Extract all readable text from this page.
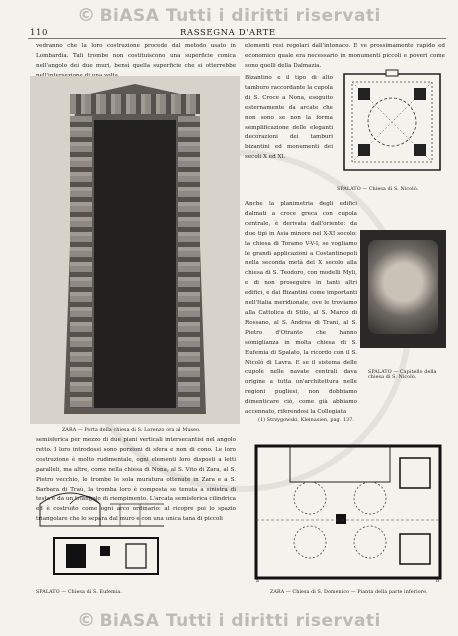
© BiASA Tutti i diritti riservati
110	RASSEGNA D'ARTE
vedranno che la loro costruzione procede dal metodo usato in Lombardia. Tali trombe non costituiscono una superficie conica nell'angolo dei due muri, bensì quella superficie che si otterrebbe
elementi resi regolari dall'intonaco. E ve prossimamente rapido ed economico quale era necessario in monumenti piccoli e poveri come sono quelli della Dalmazia.
ZARA — Porta della chiesa di S. Lorenzo ora al Museo.
SPALATO — Chiesa di S. Nicolò.
Bizantino e il tipo di alto tamburo raccordante la cupola di S. Croce a Nona, eseguito esternamente da arcate che non sono se non la forma semplificazione delle eleganti decorazioni dei tamburi bizantini ed monumenti dei secoli X ed XI.
Anche la planimetria degli edifici dalmati a croce greca con cupola centrale, è derivata dall'oriente: da due tipi in Asia minore nel X-XI secolo: la chiesa di Toramo V-V-I, se vogliamo le grandi applicazioni a Costantinopoli nella seconda metà del X secolo alla chiesa di S. Teodoro, con modelli Myli, e di non proseguire in tanti altri edifici, e dai Bizantini come importanti nell'Italia meridionale, ove le troviamo alla Cattolica di Stilo, al S. Marco di Rossano, al S. Andrea di Trani, al S. Pietro d'Otranto che hanno somiglianza in molta chiesa di S. Eufemia di Spalato, la ricordo con il S. Nicolò di Lavra. E se il sistema delle cupole nelle navate centrali dava origine a tutta un'architettura nelle regioni pugliesi, non dobbiamo dimenticare ciò, come già abbiamo accennato, riferendosi la Collegiata
SPALATO — Capitello della chiesa di S. Nicolò.
(1) Strzygowski, Kleinasien, pag. 137.
semisferica per mezzo di due piani verticali intersecantisi nel angolo retto. I loro introdossi sono porzioni di sfera e non di cono. Le loro costruzione è molto rudimentale, ogni elementi loro disposti a letti paralleli, ma altre, come nella chiesa di Nona, al S. Vito di Zara, al S. Pietro vecchio, le trombe le sola muratura ottenute in Zara e a S. Barbara di Traù, la tromba loro è composta se tenuta a sinistra di testa e da un triangolo di riempimento. L'arcata semisferica cilindrica ed è costruito come ogni arco ordinario: al ricopre poi lo spazio triangolare che lo separa dal muro e con una unica tana di piccoli
SPALATO — Chiesa di S. Eufemia.
a	b
ZARA — Chiesa di S. Domenico — Pianta della parte inferiore.
© BiASA Tutti i diritti riservati
